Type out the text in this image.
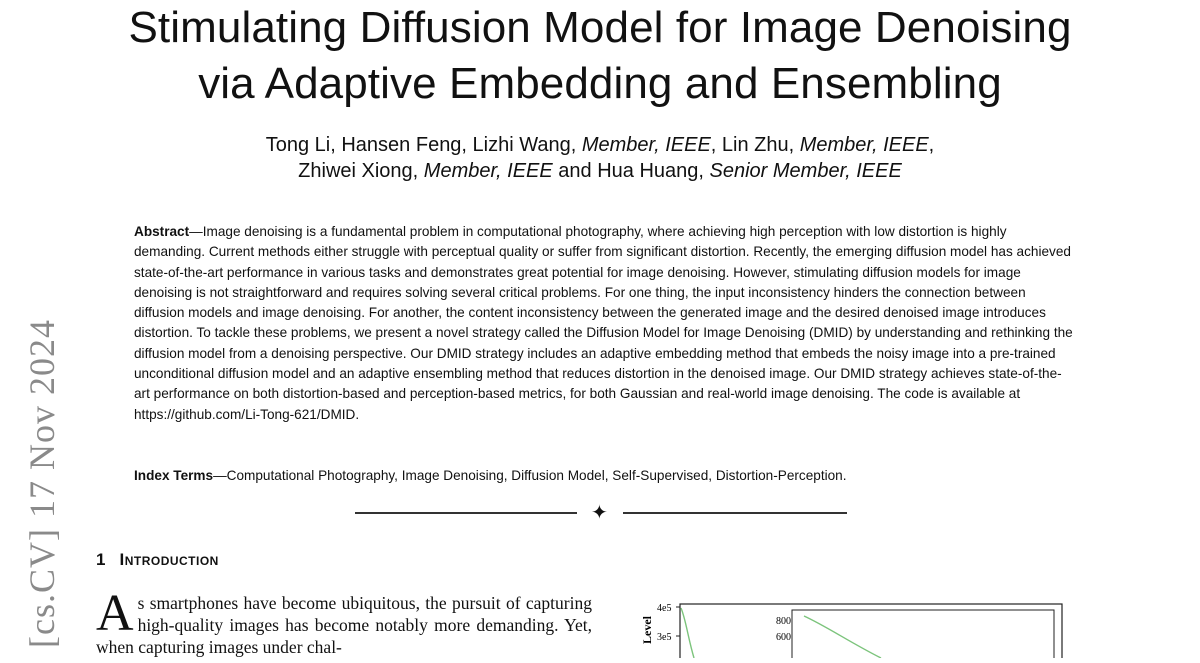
Stimulating Diffusion Model for Image Denoising
via Adaptive Embedding and Ensembling
Tong Li, Hansen Feng, Lizhi Wang, Member, IEEE, Lin Zhu, Member, IEEE,
Zhiwei Xiong, Member, IEEE and Hua Huang, Senior Member, IEEE
Abstract—Image denoising is a fundamental problem in computational photography, where achieving high perception with low distortion is highly demanding. Current methods either struggle with perceptual quality or suffer from significant distortion. Recently, the emerging diffusion model has achieved state-of-the-art performance in various tasks and demonstrates great potential for image denoising. However, stimulating diffusion models for image denoising is not straightforward and requires solving several critical problems. For one thing, the input inconsistency hinders the connection between diffusion models and image denoising. For another, the content inconsistency between the generated image and the desired denoised image introduces distortion. To tackle these problems, we present a novel strategy called the Diffusion Model for Image Denoising (DMID) by understanding and rethinking the diffusion model from a denoising perspective. Our DMID strategy includes an adaptive embedding method that embeds the noisy image into a pre-trained unconditional diffusion model and an adaptive ensembling method that reduces distortion in the denoised image. Our DMID strategy achieves state-of-the-art performance on both distortion-based and perception-based metrics, for both Gaussian and real-world image denoising. The code is available at https://github.com/Li-Tong-621/DMID.
Index Terms—Computational Photography, Image Denoising, Diffusion Model, Self-Supervised, Distortion-Perception.
✦
[cs.CV] 17 Nov 2024 1 Introduction
As smartphones have become ubiquitous, the pursuit of capturing high-quality images has become notably more demanding. Yet, when capturing images under chal-
Level
4e5
3e5
800
600
